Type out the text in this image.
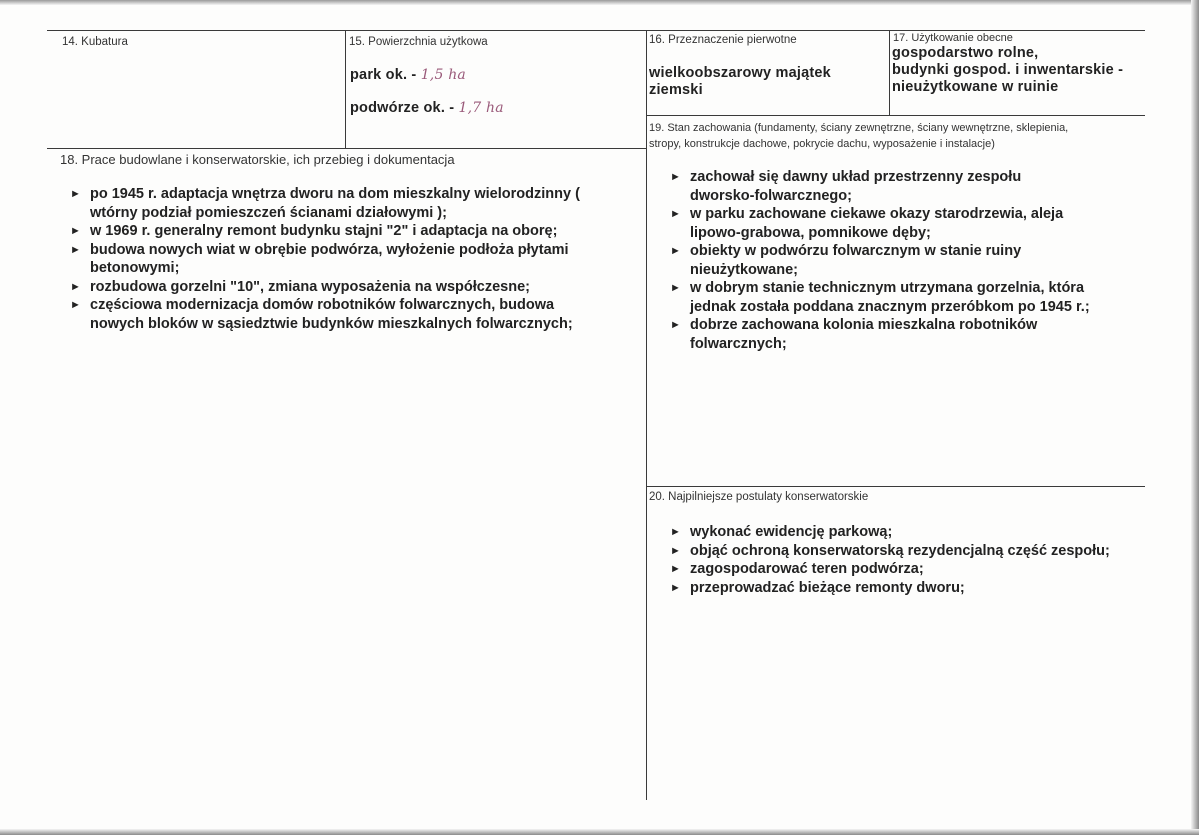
14. Kubatura	15. Powierzchnia użytkowa
park ok. - 1,5 ha
podwórze ok. - 1,7 ha
16. Przeznaczenie pierwotne
wielkoobszarowy majątek
ziemski
17. Użytkowanie obecne
gospodarstwo rolne,
budynki gospod. i inwentarskie -
nieużytkowane w ruinie
19. Stan zachowania (fundamenty, ściany zewnętrzne, ściany wewnętrzne, sklepienia,
stropy, konstrukcje dachowe, pokrycie dachu, wyposażenie i instalacje)
18. Prace budowlane i konserwatorskie, ich przebieg i dokumentacja
► po 1945 r. adaptacja wnętrza dworu na dom mieszkalny wielorodzinny (
wtórny podział pomieszczeń ścianami działowymi );
► w 1969 r. generalny remont budynku stajni "2" i adaptacja na oborę;
► budowa nowych wiat w obrębie podwórza, wyłożenie podłoża płytami
betonowymi;
► rozbudowa gorzelni "10", zmiana wyposażenia na współczesne;
► częściowa modernizacja domów robotników folwarcznych, budowa
nowych bloków w sąsiedztwie budynków mieszkalnych folwarcznych;
► zachował się dawny układ przestrzenny zespołu
dworsko-folwarcznego;
► w parku zachowane ciekawe okazy starodrzewia, aleja
lipowo-grabowa, pomnikowe dęby;
► obiekty w podwórzu folwarcznym w stanie ruiny
nieużytkowane;
► w dobrym stanie technicznym utrzymana gorzelnia, która
jednak została poddana znacznym przeróbkom po 1945 r.;
► dobrze zachowana kolonia mieszkalna robotników
folwarcznych;
20. Najpilniejsze postulaty konserwatorskie
► wykonać ewidencję parkową;
► objąć ochroną konserwatorską rezydencjalną część zespołu;
► zagospodarować teren podwórza;
► przeprowadzać bieżące remonty dworu;
